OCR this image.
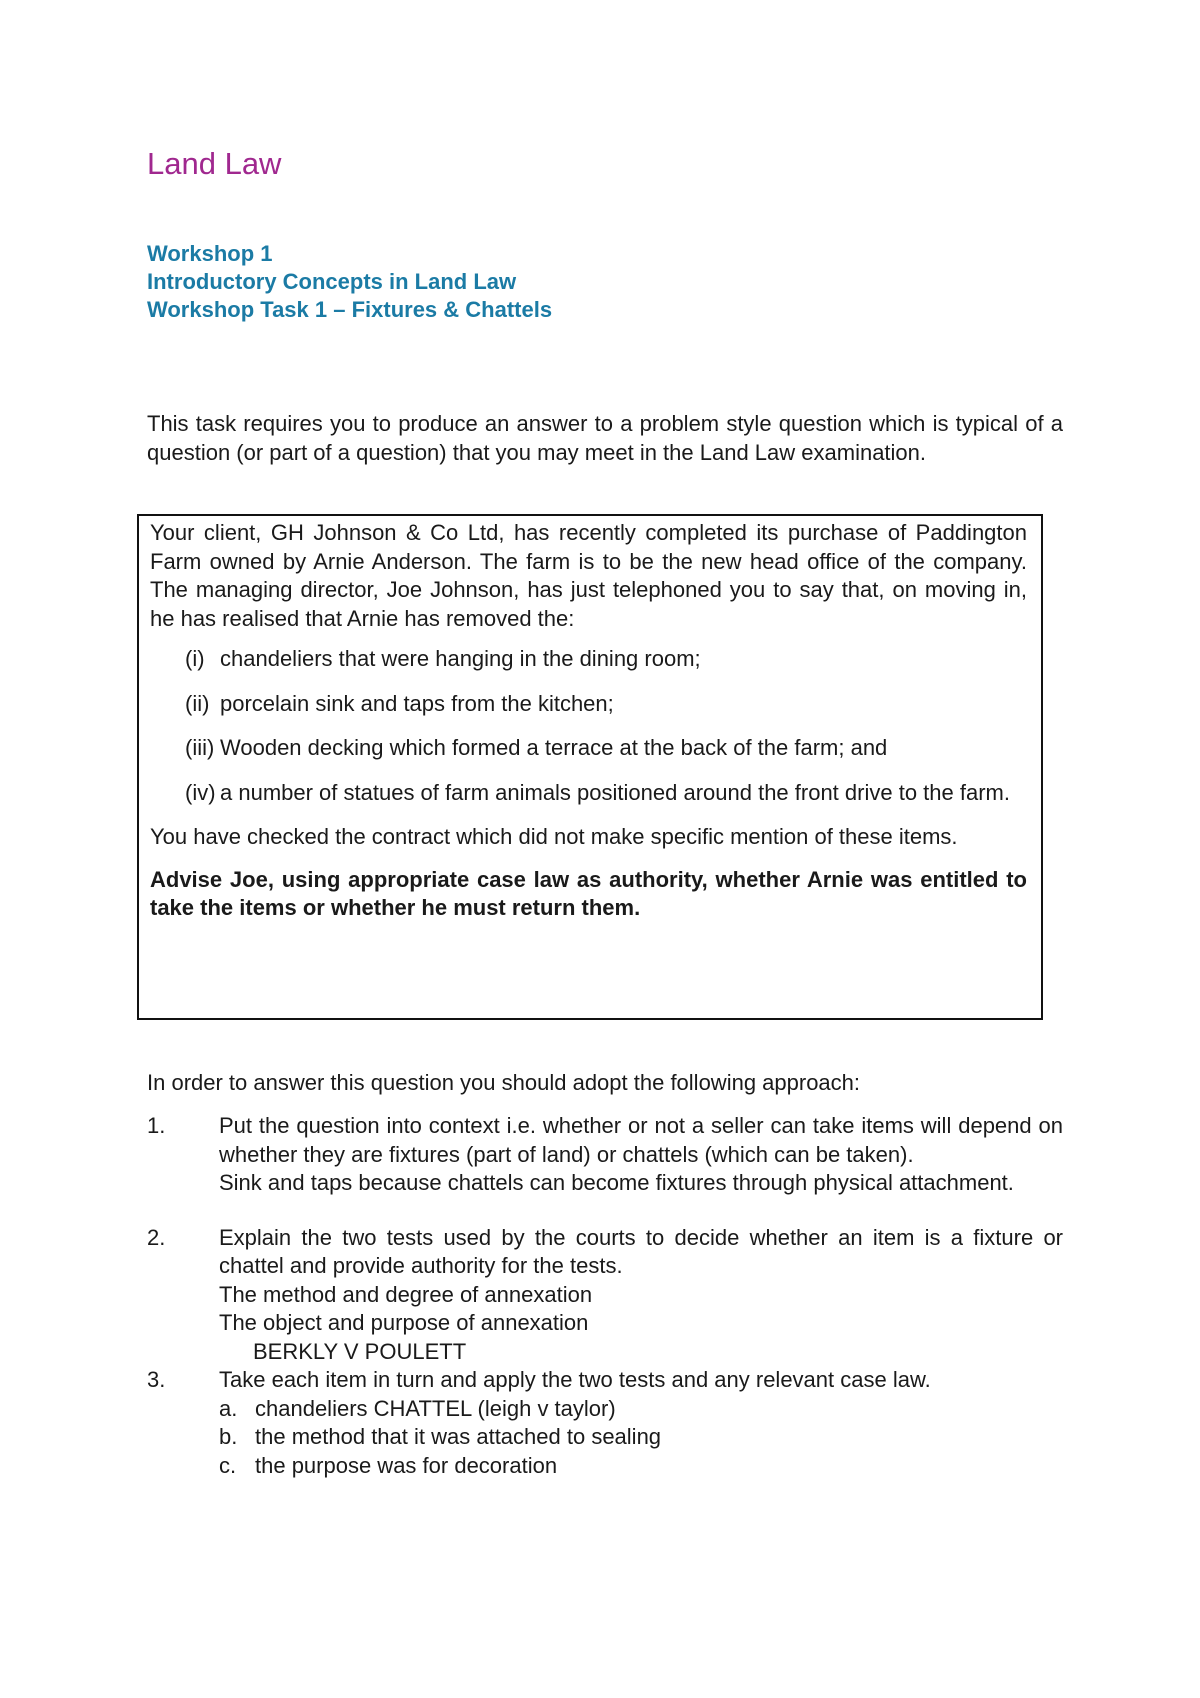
Land Law
Workshop 1
Introductory Concepts in Land Law
Workshop Task 1 – Fixtures & Chattels

This task requires you to produce an answer to a problem style question which is typical of a question (or part of a question) that you may meet in the Land Law examination.

Your client, GH Johnson & Co Ltd, has recently completed its purchase of Paddington Farm owned by Arnie Anderson. The farm is to be the new head office of the company. The managing director, Joe Johnson, has just telephoned you to say that, on moving in, he has realised that Arnie has removed the:

(i) chandeliers that were hanging in the dining room;
(ii) porcelain sink and taps from the kitchen;
(iii) Wooden decking which formed a terrace at the back of the farm; and
(iv) a number of statues of farm animals positioned around the front drive to the farm.

You have checked the contract which did not make specific mention of these items.

Advise Joe, using appropriate case law as authority, whether Arnie was entitled to take the items or whether he must return them.

In order to answer this question you should adopt the following approach:

1.	Put the question into context i.e. whether or not a seller can take items will depend on whether they are fixtures (part of land) or chattels (which can be taken).

Sink and taps because chattels can become fixtures through physical attachment.

2.	Explain the two tests used by the courts to decide whether an item is a fixture or chattel and provide authority for the tests.

The method and degree of annexation

The object and purpose of annexation

BERKLY V POULETT

3.	Take each item in turn and apply the two tests and any relevant case law.

a. chandeliers CHATTEL (leigh v taylor)
b. the method that it was attached to sealing
c. the purpose was for decoration
